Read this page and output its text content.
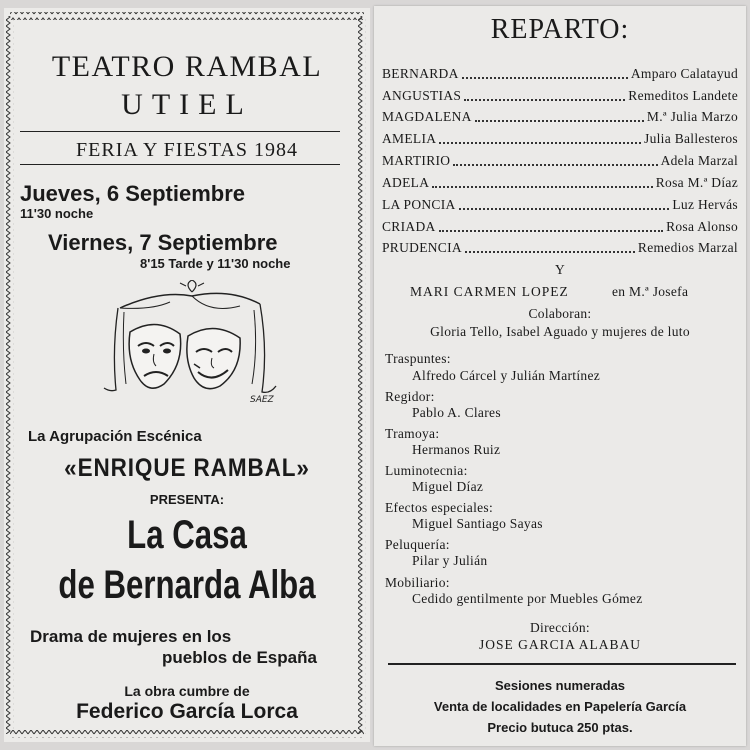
TEATRO RAMBAL
UTIEL
FERIA Y FIESTAS 1984
Jueves, 6 Septiembre
11'30 noche
Viernes, 7 Septiembre
8'15 Tarde y 11'30 noche
SAEZ
La Agrupación Escénica
«ENRIQUE RAMBAL»
PRESENTA:
La Casa
de Bernarda Alba
Drama de mujeres en los
pueblos de España
La obra cumbre de
Federico García Lorca
REPARTO:
BERNARDA	Amparo Calatayud
ANGUSTIAS	Remeditos Landete
MAGDALENA	M.ª Julia Marzo
AMELIA	Julia Ballesteros
MARTIRIO	Adela Marzal
ADELA	Rosa M.ª Díaz
LA PONCIA	Luz Hervás
CRIADA	Rosa Alonso
PRUDENCIA	Remedios Marzal
Y
MARI CARMEN LOPEZ	en M.ª Josefa
Colaboran:
Gloria Tello, Isabel Aguado y mujeres de luto
Traspuntes:
Alfredo Cárcel y Julián Martínez
Regidor:
Pablo A. Clares
Tramoya:
Hermanos Ruiz
Luminotecnia:
Miguel Díaz
Efectos especiales:
Miguel Santiago Sayas
Peluquería:
Pilar y Julián
Mobiliario:
Cedido gentilmente por Muebles Gómez
Dirección:
JOSE GARCIA ALABAU
Sesiones numeradas
Venta de localidades en Papelería García
Precio butuca 250 ptas.
